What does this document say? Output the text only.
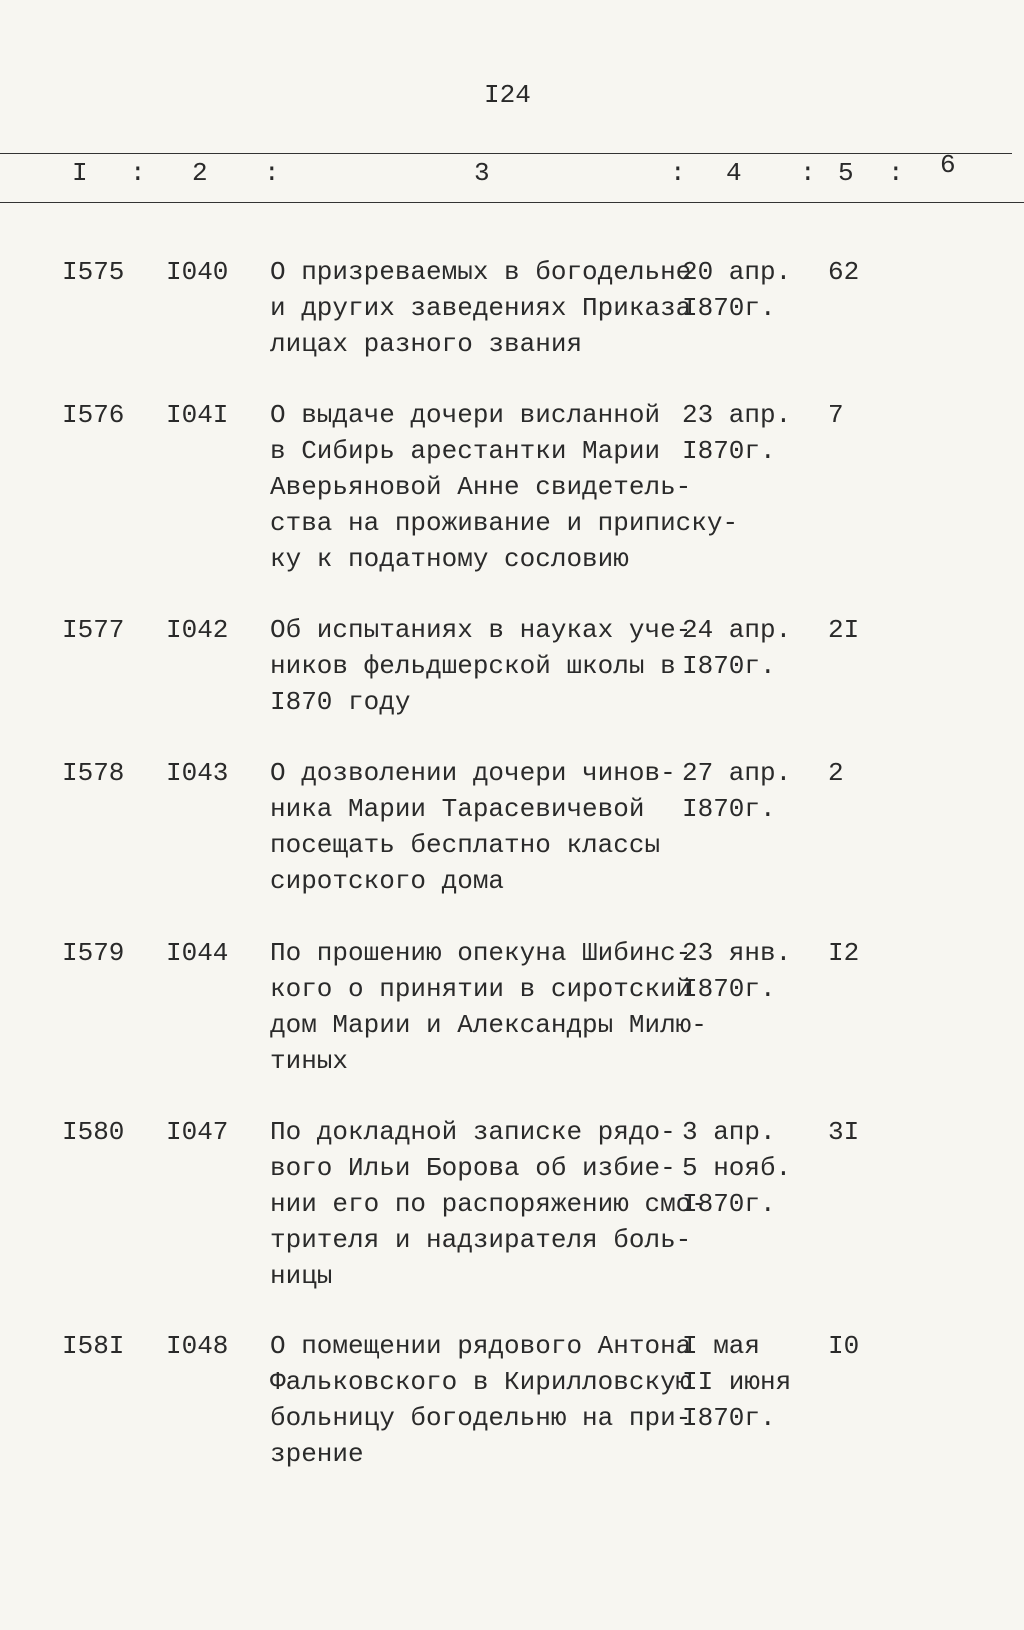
I24
I : 2 :	3	: 4 : 5 : 6
I575 I040 О призреваемых в богодельне
и других заведениях Приказа
лицах разного звания
20 апр.
I870г.
62
I576 I04I О выдаче дочери висланной
в Сибирь арестантки Марии
Аверьяновой Анне свидетель-
ства на проживание и приписку-
ку к податному сословию
23 апр.
I870г.
7
I577 I042 Об испытаниях в науках уче-
ников фельдшерской школы в
I870 году
24 апр.
I870г.
2I
I578 I043 О дозволении дочери чинов-
ника Марии Тарасевичевой
посещать бесплатно классы
сиротского дома
27 апр.
I870г.
2
I579 I044 По прошению опекуна Шибинс-
кого о принятии в сиротский
дом Марии и Александры Милю-
тиных
23 янв.
I870г.
I2
I580 I047 По докладной записке рядо-
вого Ильи Борова об избие-
нии его по распоряжению смо-
трителя и надзирателя боль-
ницы
3 апр.
5 нояб.
I870г.
3I
I58I I048 О помещении рядового Антона
Фальковского в Кирилловскую
больницу богодельню на при-
зрение
I мая
II июня
I870г.
I0
